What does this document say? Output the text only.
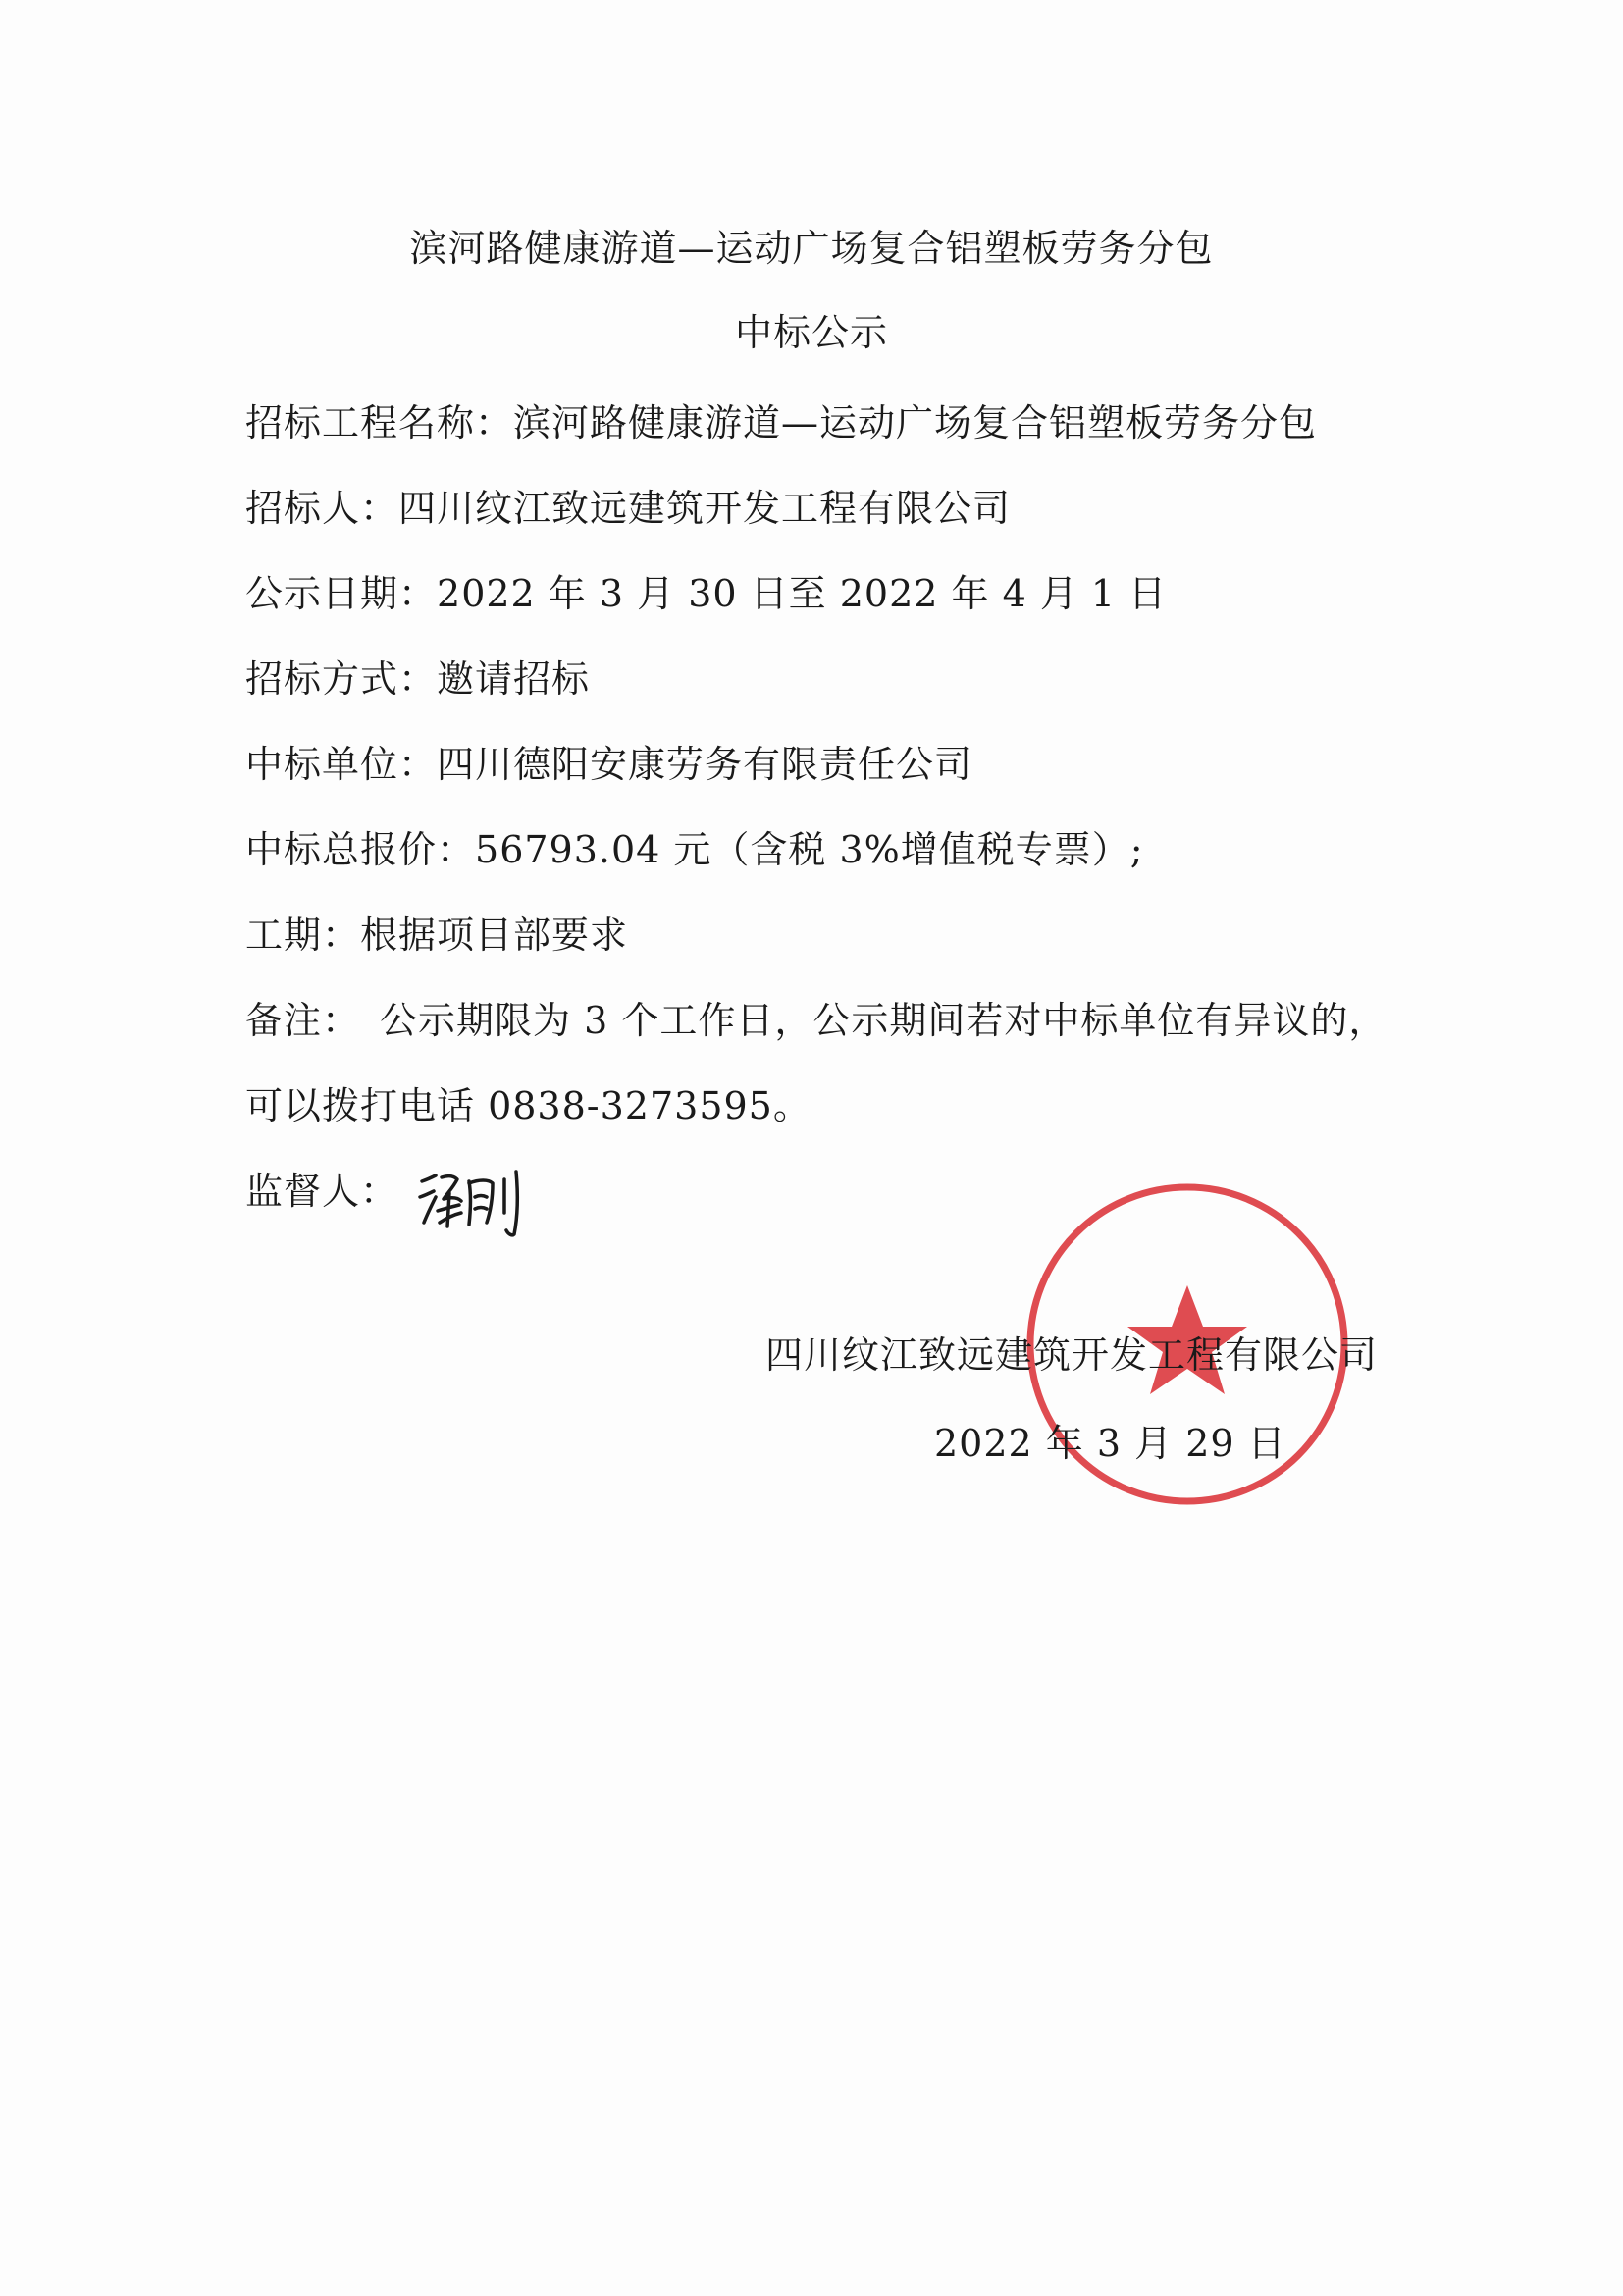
滨河路健康游道—运动广场复合铝塑板劳务分包
中标公示
招标工程名称：滨河路健康游道—运动广场复合铝塑板劳务分包
招标人：四川纹江致远建筑开发工程有限公司
公示日期：2022 年 3 月 30 日至 2022 年 4 月 1 日
招标方式：邀请招标
中标单位：四川德阳安康劳务有限责任公司
中标总报价：56793.04 元（含税 3%增值税专票）;
工期：根据项目部要求
备注： 公示期限为 3 个工作日，公示期间若对中标单位有异议的，
可以拨打电话 0838-3273595。
监督人：
四川纹江致远建筑开发工程有限公司
2022 年 3 月 29 日
